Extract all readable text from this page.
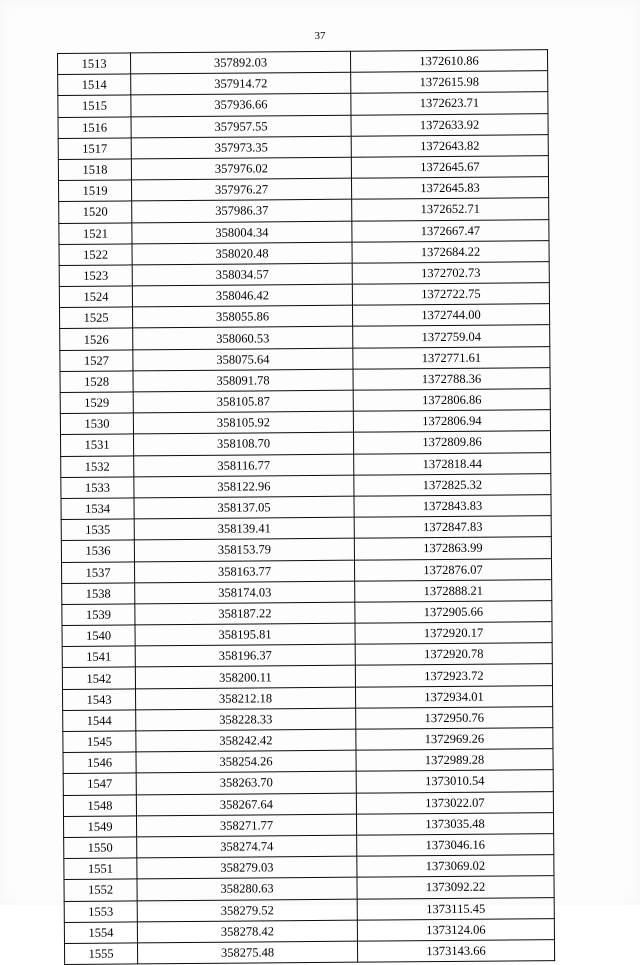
37
1513	357892.03	1372610.86
1514	357914.72	1372615.98
1515	357936.66	1372623.71
1516	357957.55	1372633.92
1517	357973.35	1372643.82
1518	357976.02	1372645.67
1519	357976.27	1372645.83
1520	357986.37	1372652.71
1521	358004.34	1372667.47
1522	358020.48	1372684.22
1523	358034.57	1372702.73
1524	358046.42	1372722.75
1525	358055.86	1372744.00
1526	358060.53	1372759.04
1527	358075.64	1372771.61
1528	358091.78	1372788.36
1529	358105.87	1372806.86
1530	358105.92	1372806.94
1531	358108.70	1372809.86
1532	358116.77	1372818.44
1533	358122.96	1372825.32
1534	358137.05	1372843.83
1535	358139.41	1372847.83
1536	358153.79	1372863.99
1537	358163.77	1372876.07
1538	358174.03	1372888.21
1539	358187.22	1372905.66
1540	358195.81	1372920.17
1541	358196.37	1372920.78
1542	358200.11	1372923.72
1543	358212.18	1372934.01
1544	358228.33	1372950.76
1545	358242.42	1372969.26
1546	358254.26	1372989.28
1547	358263.70	1373010.54
1548	358267.64	1373022.07
1549	358271.77	1373035.48
1550	358274.74	1373046.16
1551	358279.03	1373069.02
1552	358280.63	1373092.22
1553	358279.52	1373115.45
1554	358278.42	1373124.06
1555	358275.48	1373143.66
